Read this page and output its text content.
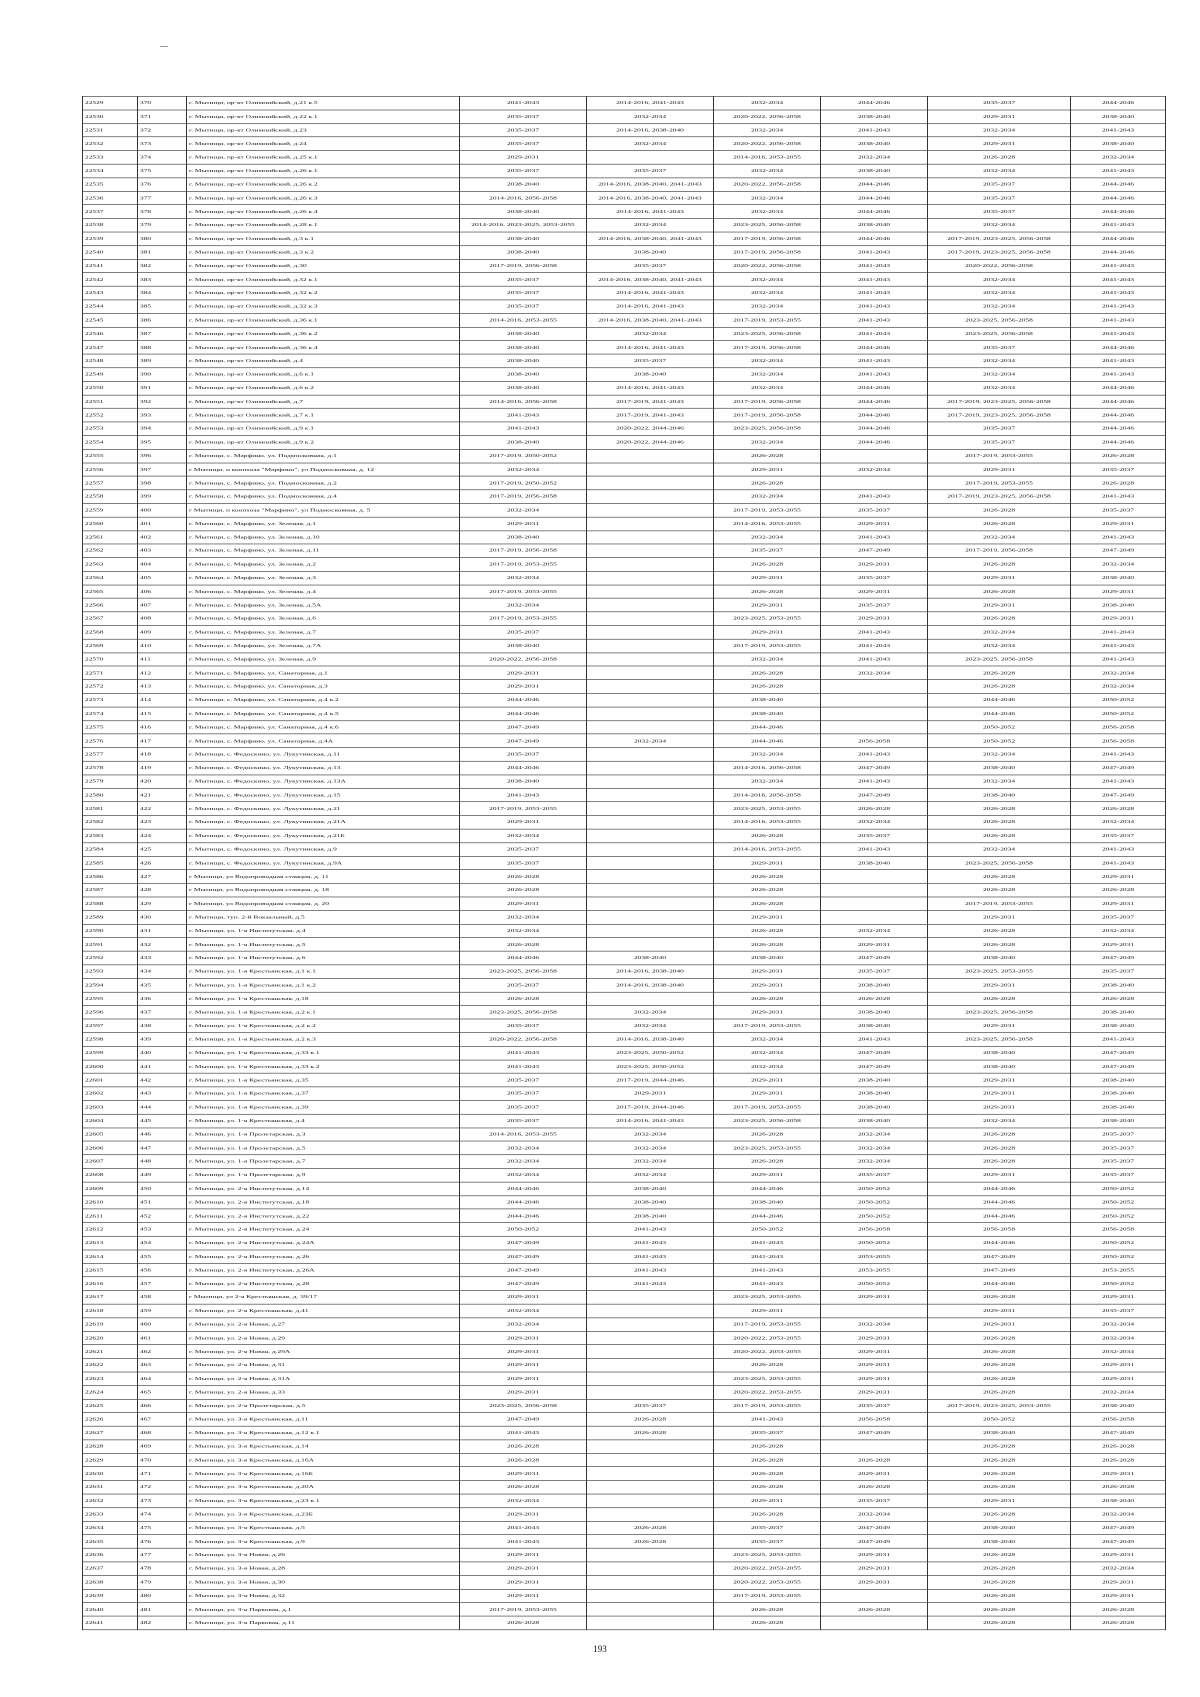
22529	370	г. Мытищи, пр-кт Олимпийский, д.21 к.5	2041-2043	2014-2016, 2041-2043	2032-2034	2044-2046	2035-2037	2044-2046
22530	371	г. Мытищи, пр-кт Олимпийский, д.22 к.1	2035-2037	2032-2034	2020-2022, 2056-2058	2038-2040	2029-2031	2038-2040
22531	372	г. Мытищи, пр-кт Олимпийский, д.23	2035-2037	2014-2016, 2038-2040	2032-2034	2041-2043	2032-2034	2041-2043
22532	373	г. Мытищи, пр-кт Олимпийский, д.24	2035-2037	2032-2034	2020-2022, 2056-2058	2038-2040	2029-2031	2038-2040
22533	374	г. Мытищи, пр-кт Олимпийский, д.25 к.1	2029-2031		2014-2016, 2053-2055	2032-2034	2026-2028	2032-2034
22534	375	г. Мытищи, пр-кт Олимпийский, д.26 к.1	2035-2037	2035-2037	2032-2034	2038-2040	2032-2034	2041-2043
22535	376	г. Мытищи, пр-кт Олимпийский, д.26 к.2	2038-2040	2014-2016, 2038-2040, 2041-2043	2020-2022, 2056-2058	2044-2046	2035-2037	2044-2046
22536	377	г. Мытищи, пр-кт Олимпийский, д.26 к.3	2014-2016, 2056-2058	2014-2016, 2038-2040, 2041-2043	2032-2034	2044-2046	2035-2037	2044-2046
22537	378	г. Мытищи, пр-кт Олимпийский, д.26 к.4	2038-2040	2014-2016, 2041-2043	2032-2034	2044-2046	2035-2037	2044-2046
22538	379	г. Мытищи, пр-кт Олимпийский, д.28 к.1	2014-2016, 2023-2025, 2053-2055	2032-2034	2023-2025, 2056-2058	2038-2040	2032-2034	2041-2043
22539	380	г. Мытищи, пр-кт Олимпийский, д.3 к.1	2038-2040	2014-2016, 2038-2040, 2041-2043	2017-2019, 2056-2058	2044-2046	2017-2019, 2023-2025, 2056-2058	2044-2046
22540	381	г. Мытищи, пр-кт Олимпийский, д.3 к.2	2038-2040	2038-2040	2017-2019, 2056-2058	2041-2043	2017-2019, 2023-2025, 2056-2058	2044-2046
22541	382	г. Мытищи, пр-кт Олимпийский, д.30	2017-2019, 2056-2058	2035-2037	2020-2022, 2056-2058	2041-2043	2020-2022, 2056-2058	2041-2043
22542	383	г. Мытищи, пр-кт Олимпийский, д.32 к.1	2035-2037	2014-2016, 2038-2040, 2041-2043	2032-2034	2041-2043	2032-2034	2041-2043
22543	384	г. Мытищи, пр-кт Олимпийский, д.32 к.2	2035-2037	2014-2016, 2041-2043	2032-2034	2041-2043	2032-2034	2041-2043
22544	385	г. Мытищи, пр-кт Олимпийский, д.32 к.3	2035-2037	2014-2016, 2041-2043	2032-2034	2041-2043	2032-2034	2041-2043
22545	386	г. Мытищи, пр-кт Олимпийский, д.36 к.1	2014-2016, 2053-2055	2014-2016, 2038-2040, 2041-2043	2017-2019, 2053-2055	2041-2043	2023-2025, 2056-2058	2041-2043
22546	387	г. Мытищи, пр-кт Олимпийский, д.36 к.2	2038-2040	2032-2034	2023-2025, 2056-2058	2041-2043	2023-2025, 2056-2058	2041-2043
22547	388	г. Мытищи, пр-кт Олимпийский, д.36 к.4	2038-2040	2014-2016, 2041-2043	2017-2019, 2056-2058	2044-2046	2035-2037	2044-2046
22548	389	г. Мытищи, пр-кт Олимпийский, д.4	2038-2040	2035-2037	2032-2034	2041-2043	2032-2034	2041-2043
22549	390	г. Мытищи, пр-кт Олимпийский, д.6 к.1	2038-2040	2038-2040	2032-2034	2041-2043	2032-2034	2041-2043
22550	391	г. Мытищи, пр-кт Олимпийский, д.6 к.2	2038-2040	2014-2016, 2041-2043	2032-2034	2044-2046	2032-2034	2044-2046
22551	392	г. Мытищи, пр-кт Олимпийский, д.7	2014-2016, 2056-2058	2017-2019, 2041-2043	2017-2019, 2056-2058	2044-2046	2017-2019, 2023-2025, 2056-2058	2044-2046
22552	393	г. Мытищи, пр-кт Олимпийский, д.7 к.1	2041-2043	2017-2019, 2041-2043	2017-2019, 2056-2058	2044-2046	2017-2019, 2023-2025, 2056-2058	2044-2046
22553	394	г. Мытищи, пр-кт Олимпийский, д.9 к.1	2041-2043	2020-2022, 2044-2046	2023-2025, 2056-2058	2044-2046	2035-2037	2044-2046
22554	395	г. Мытищи, пр-кт Олимпийский, д.9 к.2	2038-2040	2020-2022, 2044-2046	2032-2034	2044-2046	2035-2037	2044-2046
22555	396	г. Мытищи, с. Марфино, ул. Подмосковная, д.1	2017-2019, 2050-2052		2026-2028		2017-2019, 2053-2055	2026-2028
22556	397	г Мытищи, п коопхоза "Марфино", ул Подмосковная, д. 12	2032-2034		2029-2031	2032-2034	2029-2031	2035-2037
22557	398	г. Мытищи, с. Марфино, ул. Подмосковная, д.2	2017-2019, 2050-2052		2026-2028		2017-2019, 2053-2055	2026-2028
22558	399	г. Мытищи, с. Марфино, ул. Подмосковная, д.4	2017-2019, 2056-2058		2032-2034	2041-2043	2017-2019, 2023-2025, 2056-2058	2041-2043
22559	400	г Мытищи, п коопхоза "Марфино", ул Подмосковная, д. 5	2032-2034		2017-2019, 2053-2055	2035-2037	2026-2028	2035-2037
22560	401	г. Мытищи, с. Марфино, ул. Зеленая, д.1	2029-2031		2014-2016, 2053-2055	2029-2031	2026-2028	2029-2031
22561	402	г. Мытищи, с. Марфино, ул. Зеленая, д.10	2038-2040		2032-2034	2041-2043	2032-2034	2041-2043
22562	403	г. Мытищи, с. Марфино, ул. Зеленая, д.11	2017-2019, 2056-2058		2035-2037	2047-2049	2017-2019, 2056-2058	2047-2049
22563	404	г. Мытищи, с. Марфино, ул. Зеленая, д.2	2017-2019, 2053-2055		2026-2028	2029-2031	2026-2028	2032-2034
22564	405	г. Мытищи, с. Марфино, ул. Зеленая, д.3	2032-2034		2029-2031	2035-2037	2029-2031	2038-2040
22565	406	г. Мытищи, с. Марфино, ул. Зеленая, д.4	2017-2019, 2053-2055		2026-2028	2029-2031	2026-2028	2029-2031
22566	407	г. Мытищи, с. Марфино, ул. Зеленая, д.5А	2032-2034		2029-2031	2035-2037	2029-2031	2038-2040
22567	408	г. Мытищи, с. Марфино, ул. Зеленая, д.6	2017-2019, 2053-2055		2023-2025, 2053-2055	2029-2031	2026-2028	2029-2031
22568	409	г. Мытищи, с. Марфино, ул. Зеленая, д.7	2035-2037		2029-2031	2041-2043	2032-2034	2041-2043
22569	410	г. Мытищи, с. Марфино, ул. Зеленая, д.7А	2038-2040		2017-2019, 2053-2055	2041-2043	2032-2034	2041-2043
22570	411	г. Мытищи, с. Марфино, ул. Зеленая, д.9	2020-2022, 2056-2058		2032-2034	2041-2043	2023-2025, 2056-2058	2041-2043
22571	412	г. Мытищи, с. Марфино, ул. Санаторная, д.1	2029-2031		2026-2028	2032-2034	2026-2028	2032-2034
22572	413	г. Мытищи, с. Марфино, ул. Санаторная, д.3	2029-2031		2026-2028		2026-2028	2032-2034
22573	414	г. Мытищи, с. Марфино, ул. Санаторная, д.4 к.2	2044-2046		2038-2040		2044-2046	2050-2052
22574	415	г. Мытищи, с. Марфино, ул. Санаторная, д.4 к.5	2044-2046		2038-2040		2044-2046	2050-2052
22575	416	г. Мытищи, с. Марфино, ул. Санаторная, д.4 к.6	2047-2049		2044-2046		2050-2052	2056-2058
22576	417	г. Мытищи, с. Марфино, ул. Санаторная, д.4А	2047-2049	2032-2034	2044-2046	2056-2058	2050-2052	2056-2058
22577	418	г. Мытищи, с. Федоскино, ул. Лукутинская, д.11	2035-2037		2032-2034	2041-2043	2032-2034	2041-2043
22578	419	г. Мытищи, с. Федоскино, ул. Лукутинская, д.13	2044-2046		2014-2016, 2056-2058	2047-2049	2038-2040	2047-2049
22579	420	г. Мытищи, с. Федоскино, ул. Лукутинская, д.13А	2038-2040		2032-2034	2041-2043	2032-2034	2041-2043
22580	421	г. Мытищи, с. Федоскино, ул. Лукутинская, д.15	2041-2043		2014-2016, 2056-2058	2047-2049	2038-2040	2047-2049
22581	422	г. Мытищи, с. Федоскино, ул. Лукутинская, д.21	2017-2019, 2053-2055		2023-2025, 2053-2055	2026-2028	2026-2028	2026-2028
22582	423	г. Мытищи, с. Федоскино, ул. Лукутинская, д.21А	2029-2031		2014-2016, 2053-2055	2032-2034	2026-2028	2032-2034
22583	424	г. Мытищи, с. Федоскино, ул. Лукутинская, д.21Б	2032-2034		2026-2028	2035-2037	2026-2028	2035-2037
22584	425	г. Мытищи, с. Федоскино, ул. Лукутинская, д.9	2035-2037		2014-2016, 2053-2055	2041-2043	2032-2034	2041-2043
22585	426	г. Мытищи, с. Федоскино, ул. Лукутинская, д.9А	2035-2037		2029-2031	2038-2040	2023-2025, 2056-2058	2041-2043
22586	427	г Мытищи, ул Водопроводная станция, д. 11	2026-2028		2026-2028		2026-2028	2029-2031
22587	428	г Мытищи, ул Водопроводная станция, д. 18	2026-2028		2026-2028		2026-2028	2026-2028
22588	429	г Мытищи, ул Водопроводная станция, д. 20	2029-2031		2026-2028		2017-2019, 2053-2055	2029-2031
22589	430	г. Мытищи, туп. 2-й Вокзальный, д.5	2032-2034		2029-2031		2029-2031	2035-2037
22590	431	г. Мытищи, ул. 1-я Институтская, д.4	2032-2034		2026-2028	2032-2034	2026-2028	2032-2034
22591	432	г. Мытищи, ул. 1-я Институтская, д.5	2026-2028		2026-2028	2029-2031	2026-2028	2029-2031
22592	433	г. Мытищи, ул. 1-я Институтская, д.6	2044-2046	2038-2040	2038-2040	2047-2049	2038-2040	2047-2049
22593	434	г. Мытищи, ул. 1-я Крестьянская, д.1 к.1	2023-2025, 2056-2058	2014-2016, 2038-2040	2029-2031	2035-2037	2023-2025, 2053-2055	2035-2037
22594	435	г. Мытищи, ул. 1-я Крестьянская, д.1 к.2	2035-2037	2014-2016, 2038-2040	2029-2031	2038-2040	2029-2031	2038-2040
22595	436	г. Мытищи, ул. 1-я Крестьянская, д.18	2026-2028		2026-2028	2026-2028	2026-2028	2026-2028
22596	437	г. Мытищи, ул. 1-я Крестьянская, д.2 к.1	2023-2025, 2056-2058	2032-2034	2029-2031	2038-2040	2023-2025, 2056-2058	2038-2040
22597	438	г. Мытищи, ул. 1-я Крестьянская, д.2 к.2	2035-2037	2032-2034	2017-2019, 2053-2055	2038-2040	2029-2031	2038-2040
22598	439	г. Мытищи, ул. 1-я Крестьянская, д.2 к.3	2020-2022, 2056-2058	2014-2016, 2038-2040	2032-2034	2041-2043	2023-2025, 2056-2058	2041-2043
22599	440	г. Мытищи, ул. 1-я Крестьянская, д.33 к.1	2041-2043	2023-2025, 2050-2052	2032-2034	2047-2049	2038-2040	2047-2049
22600	441	г. Мытищи, ул. 1-я Крестьянская, д.33 к.2	2041-2043	2023-2025, 2050-2052	2032-2034	2047-2049	2038-2040	2047-2049
22601	442	г. Мытищи, ул. 1-я Крестьянская, д.35	2035-2037	2017-2019, 2044-2046	2029-2031	2038-2040	2029-2031	2038-2040
22602	443	г. Мытищи, ул. 1-я Крестьянская, д.37	2035-2037	2029-2031	2029-2031	2038-2040	2029-2031	2038-2040
22603	444	г. Мытищи, ул. 1-я Крестьянская, д.39	2035-2037	2017-2019, 2044-2046	2017-2019, 2053-2055	2038-2040	2029-2031	2038-2040
22604	445	г. Мытищи, ул. 1-я Крестьянская, д.4	2035-2037	2014-2016, 2041-2043	2023-2025, 2056-2058	2038-2040	2032-2034	2038-2040
22605	446	г. Мытищи, ул. 1-я Пролетарская, д.3	2014-2016, 2053-2055	2032-2034	2026-2028	2032-2034	2026-2028	2035-2037
22606	447	г. Мытищи, ул. 1-я Пролетарская, д.5	2032-2034	2032-2034	2023-2025, 2053-2055	2032-2034	2026-2028	2035-2037
22607	448	г. Мытищи, ул. 1-я Пролетарская, д.7	2032-2034	2032-2034	2026-2028	2032-2034	2026-2028	2035-2037
22608	449	г. Мытищи, ул. 1-я Пролетарская, д.9	2032-2034	2032-2034	2029-2031	2035-2037	2029-2031	2035-2037
22609	450	г. Мытищи, ул. 2-я Институтская, д.14	2044-2046	2038-2040	2044-2046	2050-2052	2044-2046	2050-2052
22610	451	г. Мытищи, ул. 2-я Институтская, д.18	2044-2046	2038-2040	2038-2040	2050-2052	2044-2046	2050-2052
22611	452	г. Мытищи, ул. 2-я Институтская, д.22	2044-2046	2038-2040	2044-2046	2050-2052	2044-2046	2050-2052
22612	453	г. Мытищи, ул. 2-я Институтская, д.24	2050-2052	2041-2043	2050-2052	2056-2058	2056-2058	2056-2058
22613	454	г. Мытищи, ул. 2-я Институтская, д.24А	2047-2049	2041-2043	2041-2043	2050-2052	2044-2046	2050-2052
22614	455	г. Мытищи, ул. 2-я Институтская, д.26	2047-2049	2041-2043	2041-2043	2053-2055	2047-2049	2050-2052
22615	456	г. Мытищи, ул. 2-я Институтская, д.26А	2047-2049	2041-2043	2041-2043	2053-2055	2047-2049	2053-2055
22616	457	г. Мытищи, ул. 2-я Институтская, д.28	2047-2049	2041-2043	2041-2043	2050-2052	2044-2046	2050-2052
22617	458	г Мытищи, ул 2-я Крестьянская, д. 39/17	2029-2031		2023-2025, 2053-2055	2029-2031	2026-2028	2029-2031
22618	459	г. Мытищи, ул. 2-я Крестьянская, д.41	2032-2034		2029-2031		2029-2031	2035-2037
22619	460	г. Мытищи, ул. 2-я Новая, д.27	2032-2034		2017-2019, 2053-2055	2032-2034	2029-2031	2032-2034
22620	461	г. Мытищи, ул. 2-я Новая, д.29	2029-2031		2020-2022, 2053-2055	2029-2031	2026-2028	2032-2034
22621	462	г. Мытищи, ул. 2-я Новая, д.29А	2029-2031		2020-2022, 2053-2055	2029-2031	2026-2028	2032-2034
22622	463	г. Мытищи, ул. 2-я Новая, д.31	2029-2031		2026-2028	2029-2031	2026-2028	2029-2031
22623	464	г. Мытищи, ул. 2-я Новая, д.31А	2029-2031		2023-2025, 2053-2055	2029-2031	2026-2028	2029-2031
22624	465	г. Мытищи, ул. 2-я Новая, д.33	2029-2031		2020-2022, 2053-2055	2029-2031	2026-2028	2032-2034
22625	466	г. Мытищи, ул. 2-я Пролетарская, д.5	2023-2025, 2056-2058	2035-2037	2017-2019, 2053-2055	2035-2037	2017-2019, 2023-2025, 2053-2055	2038-2040
22626	467	г. Мытищи, ул. 3-я Крестьянская, д.11	2047-2049	2026-2028	2041-2043	2056-2058	2050-2052	2056-2058
22627	468	г. Мытищи, ул. 3-я Крестьянская, д.12 к.1	2041-2043	2026-2028	2035-2037	2047-2049	2038-2040	2047-2049
22628	469	г. Мытищи, ул. 3-я Крестьянская, д.14	2026-2028		2026-2028		2026-2028	2026-2028
22629	470	г. Мытищи, ул. 3-я Крестьянская, д.16А	2026-2028		2026-2028	2026-2028	2026-2028	2026-2028
22630	471	г. Мытищи, ул. 3-я Крестьянская, д.16Б	2029-2031		2026-2028	2029-2031	2026-2028	2029-2031
22631	472	г. Мытищи, ул. 3-я Крестьянская, д.20А	2026-2028		2026-2028	2026-2028	2026-2028	2026-2028
22632	473	г. Мытищи, ул. 3-я Крестьянская, д.23 к.1	2032-2034		2029-2031	2035-2037	2029-2031	2038-2040
22633	474	г. Мытищи, ул. 3-я Крестьянская, д.23Б	2029-2031		2026-2028	2032-2034	2026-2028	2032-2034
22634	475	г. Мытищи, ул. 3-я Крестьянская, д.5	2041-2043	2026-2028	2035-2037	2047-2049	2038-2040	2047-2049
22635	476	г. Мытищи, ул. 3-я Крестьянская, д.9	2041-2043	2026-2028	2035-2037	2047-2049	2038-2040	2047-2049
22636	477	г. Мытищи, ул. 3-я Новая, д.26	2029-2031		2023-2025, 2053-2055	2029-2031	2026-2028	2029-2031
22637	478	г. Мытищи, ул. 3-я Новая, д.28	2029-2031		2020-2022, 2053-2055	2029-2031	2026-2028	2032-2034
22638	479	г. Мытищи, ул. 3-я Новая, д.30	2029-2031		2020-2022, 2053-2055	2029-2031	2026-2028	2029-2031
22639	480	г. Мытищи, ул. 3-я Новая, д.32	2029-2031		2017-2019, 2053-2055		2026-2028	2029-2031
22640	481	г. Мытищи, ул. 3-я Парковая, д.1	2017-2019, 2053-2055		2026-2028	2026-2028	2026-2028	2026-2028
22641	482	г. Мытищи, ул. 3-я Парковая, д.11	2026-2028		2026-2028		2026-2028	2026-2028
193
